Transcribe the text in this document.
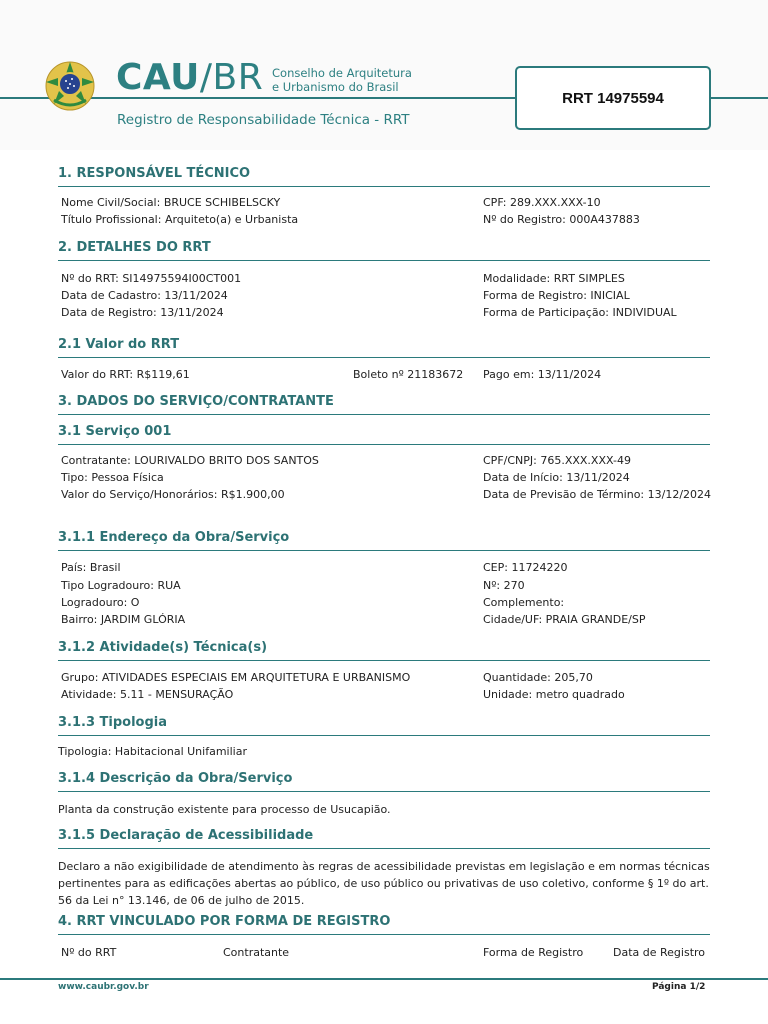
CAU/BR Conselho de Arquitetura
e Urbanismo do Brasil
Registro de Responsabilidade Técnica - RRT
RRT 14975594
1. RESPONSÁVEL TÉCNICO
Nome Civil/Social: BRUCE SCHIBELSCKY
Título Profissional: Arquiteto(a) e Urbanista
CPF: 289.XXX.XXX-10
Nº do Registro: 000A437883
2. DETALHES DO RRT
Nº do RRT: SI14975594I00CT001
Data de Cadastro: 13/11/2024
Data de Registro: 13/11/2024
Modalidade: RRT SIMPLES
Forma de Registro: INICIAL
Forma de Participação: INDIVIDUAL
2.1 Valor do RRT
Valor do RRT: R$119,61	Boleto nº 21183672 Pago em: 13/11/2024
3. DADOS DO SERVIÇO/CONTRATANTE
3.1 Serviço 001
Contratante: LOURIVALDO BRITO DOS SANTOS
Tipo: Pessoa Física
Valor do Serviço/Honorários: R$1.900,00
CPF/CNPJ: 765.XXX.XXX-49
Data de Início: 13/11/2024
Data de Previsão de Término: 13/12/2024
3.1.1 Endereço da Obra/Serviço
País: Brasil
Tipo Logradouro: RUA
Logradouro: O
Bairro: JARDIM GLÓRIA
CEP: 11724220
Nº: 270
Complemento:
Cidade/UF: PRAIA GRANDE/SP
3.1.2 Atividade(s) Técnica(s)
Grupo: ATIVIDADES ESPECIAIS EM ARQUITETURA E URBANISMO
Atividade: 5.11 - MENSURAÇÃO
Quantidade: 205,70
Unidade: metro quadrado
3.1.3 Tipologia
Tipologia: Habitacional Unifamiliar
3.1.4 Descrição da Obra/Serviço
Planta da construção existente para processo de Usucapião.
3.1.5 Declaração de Acessibilidade
Declaro a não exigibilidade de atendimento às regras de acessibilidade previstas em legislação e em normas técnicas pertinentes para as edificações abertas ao público, de uso público ou privativas de uso coletivo, conforme § 1º do art. 56 da Lei n° 13.146, de 06 de julho de 2015.
4. RRT VINCULADO POR FORMA DE REGISTRO
Nº do RRT	Contratante	Forma de Registro	Data de Registro
www.caubr.gov.br	Página 1/2
